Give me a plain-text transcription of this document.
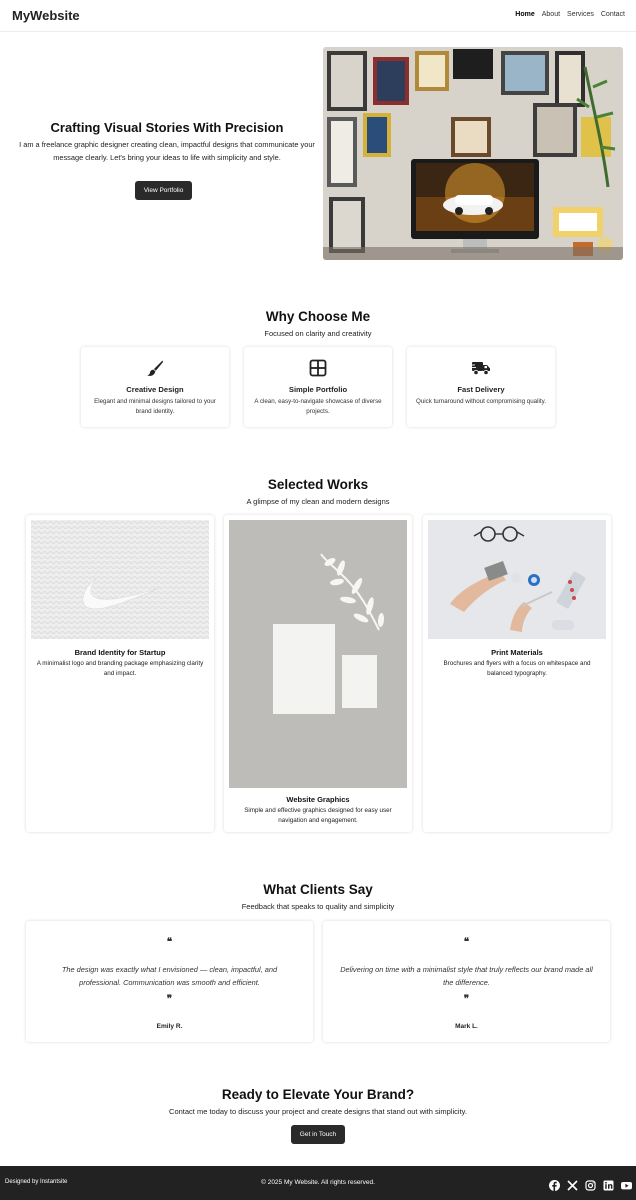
MyWebsite	Home About Services Contact
Crafting Visual Stories With Precision
I am a freelance graphic designer creating clean, impactful designs that communicate your message clearly. Let's bring your ideas to life with simplicity and style.
View Portfolio
Why Choose Me
Focused on clarity and creativity
Creative Design
Elegant and minimal designs tailored to your brand identity.
Simple Portfolio
A clean, easy-to-navigate showcase of diverse projects.
Fast Delivery
Quick turnaround without compromising quality.
Selected Works
A glimpse of my clean and modern designs
Brand Identity for Startup
A minimalist logo and branding package emphasizing clarity and impact.
Website Graphics
Simple and effective graphics designed for easy user navigation and engagement.
Print Materials
Brochures and flyers with a focus on whitespace and balanced typography.
What Clients Say
Feedback that speaks to quality and simplicity
❝
The design was exactly what I envisioned — clean, impactful, and professional. Communication was smooth and efficient.
❞
Emily R.
❝
Delivering on time with a minimalist style that truly reflects our brand made all the difference.
❞
Mark L.
Ready to Elevate Your Brand?
Contact me today to discuss your project and create designs that stand out with simplicity.
Get in Touch
Designed by Instantsite	© 2025 My Website. All rights reserved.
